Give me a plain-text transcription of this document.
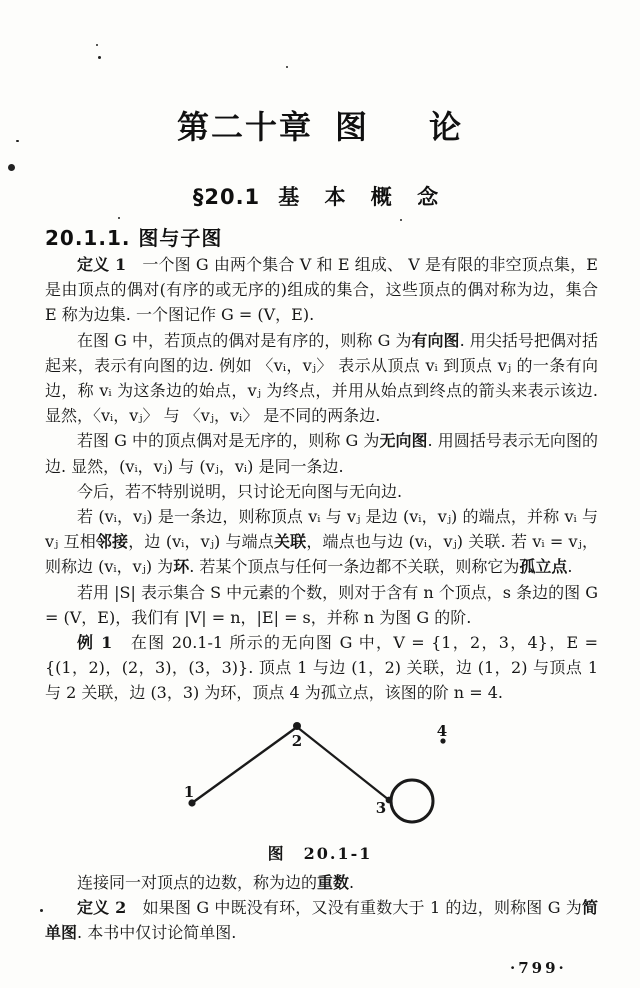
第二十章 图 论
§20.1 基 本 概 念
20.1.1. 图与子图

定义 1　一个图 G 由两个集合 V 和 E 组成、 V 是有限的非空顶点集，E 是由顶点的偶对(有序的或无序的)组成的集合，这些顶点的偶对称为边，集合 E 称为边集. 一个图记作 G = (V，E).

在图 G 中，若顶点的偶对是有序的，则称 G 为有向图. 用尖括号把偶对括起来，表示有向图的边. 例如 〈vᵢ，vⱼ〉 表示从顶点 vᵢ 到顶点 vⱼ 的一条有向边，称 vᵢ 为这条边的始点，vⱼ 为终点，并用从始点到终点的箭头来表示该边. 显然，〈vᵢ，vⱼ〉 与 〈vⱼ，vᵢ〉 是不同的两条边.

若图 G 中的顶点偶对是无序的，则称 G 为无向图. 用圆括号表示无向图的边. 显然，(vᵢ，vⱼ) 与 (vⱼ，vᵢ) 是同一条边.

今后，若不特别说明，只讨论无向图与无向边.

若 (vᵢ，vⱼ) 是一条边，则称顶点 vᵢ 与 vⱼ 是边 (vᵢ，vⱼ) 的端点，并称 vᵢ 与 vⱼ 互相邻接，边 (vᵢ，vⱼ) 与端点关联，端点也与边 (vᵢ，vⱼ) 关联. 若 vᵢ = vⱼ，则称边 (vᵢ，vⱼ) 为环. 若某个顶点与任何一条边都不关联，则称它为孤立点.

若用 |S| 表示集合 S 中元素的个数，则对于含有 n 个顶点，s 条边的图 G = (V，E)，我们有 |V| = n，|E| = s，并称 n 为图 G 的阶.

例 1　在图 20.1-1 所示的无向图 G 中，V = {1，2，3，4}，E = {(1，2)，(2，3)，(3，3)}. 顶点 1 与边 (1，2) 关联，边 (1，2) 与顶点 1 与 2 关联，边 (3，3) 为环，顶点 4 为孤立点，该图的阶 n = 4.

1
2
3
4
图　20.1-1

连接同一对顶点的边数，称为边的重数.

定义 2　如果图 G 中既没有环，又没有重数大于 1 的边，则称图 G 为简单图. 本书中仅讨论简单图.

·799·
